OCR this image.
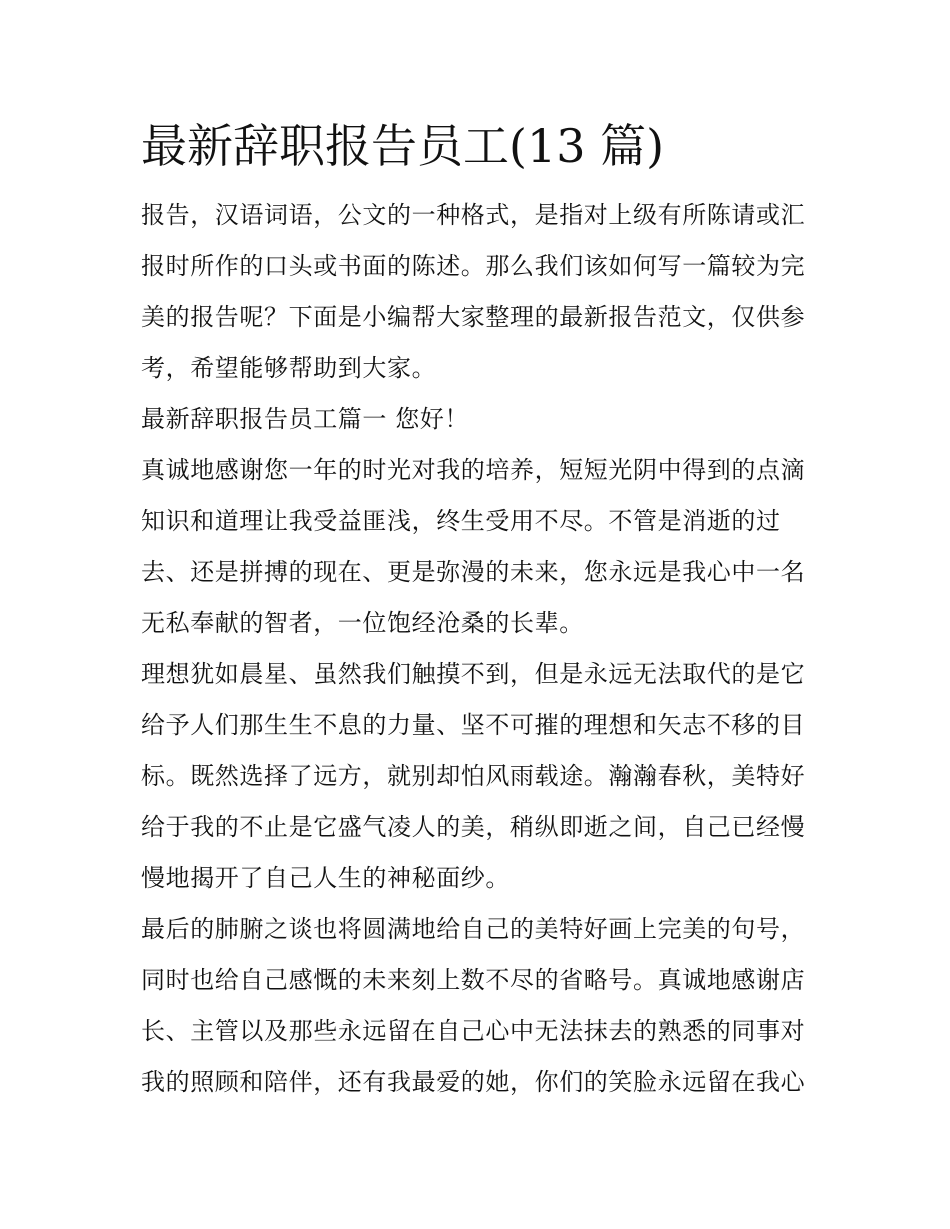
最新辞职报告员工(13 篇)

报告，汉语词语，公文的一种格式，是指对上级有所陈请或汇报时所作的口头或书面的陈述。那么我们该如何写一篇较为完美的报告呢？下面是小编帮大家整理的最新报告范文，仅供参考，希望能够帮助到大家。

最新辞职报告员工篇一 您好！

真诚地感谢您一年的时光对我的培养，短短光阴中得到的点滴知识和道理让我受益匪浅，终生受用不尽。不管是消逝的过去、还是拼搏的现在、更是弥漫的未来，您永远是我心中一名无私奉献的智者，一位饱经沧桑的长辈。

理想犹如晨星、虽然我们触摸不到，但是永远无法取代的是它给予人们那生生不息的力量、坚不可摧的理想和矢志不移的目标。既然选择了远方，就别却怕风雨载途。瀚瀚春秋，美特好给于我的不止是它盛气凌人的美，稍纵即逝之间，自己已经慢慢地揭开了自己人生的神秘面纱。

最后的肺腑之谈也将圆满地给自己的美特好画上完美的句号，同时也给自己感慨的未来刻上数不尽的省略号。真诚地感谢店长、主管以及那些永远留在自己心中无法抹去的熟悉的同事对我的照顾和陪伴，还有我最爱的她，你们的笑脸永远留在我心
